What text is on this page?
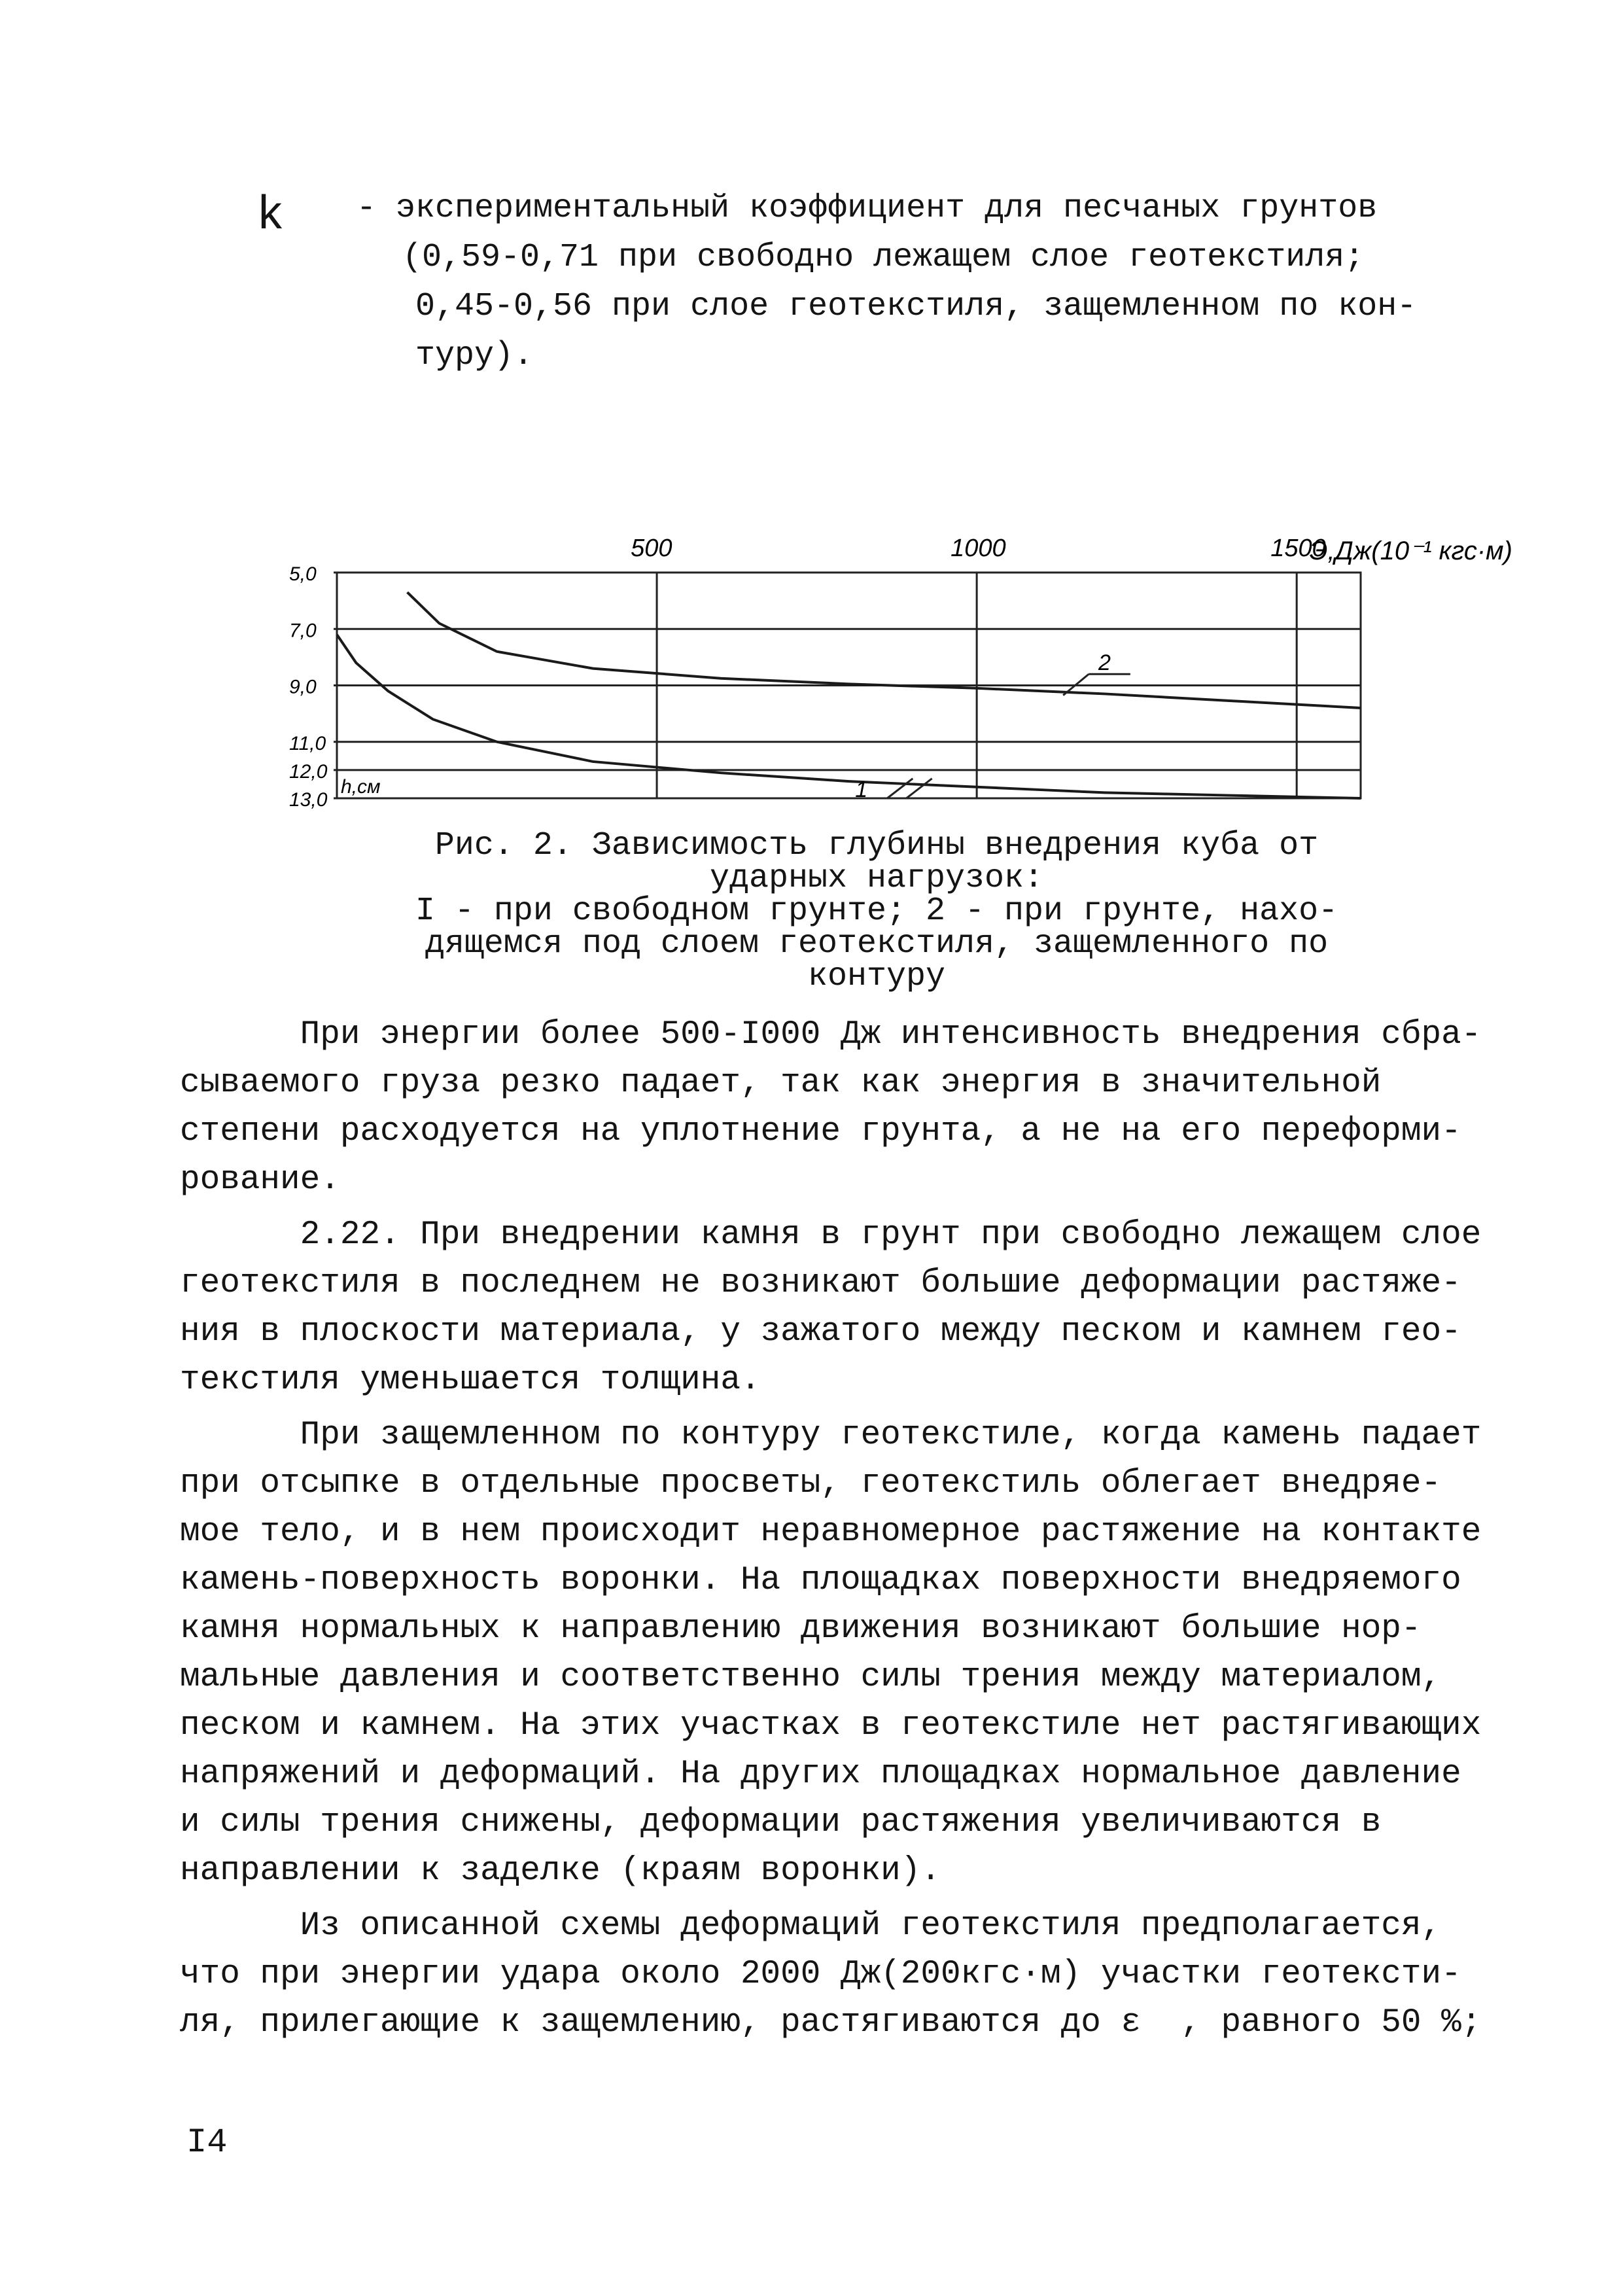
k - экспериментальный коэффициент для песчаных грунтов
(0,59-0,71 при свободно лежащем слое геотекстиля;
0,45-0,56 при слое геотекстиля, защемленном по кон-
туру).
500	1000	1500
5,0
7,0
9,0
11,0
12,0
13,0
Э,Дж(10⁻¹ кгс·м)
h,см
2
1
Рис. 2. Зависимость глубины внедрения куба от
ударных нагрузок:
I - при свободном грунте; 2 - при грунте, нахо-
дящемся под слоем геотекстиля, защемленного по
контуру
При энергии более 500-I000 Дж интенсивность внедрения сбра-
сываемого груза резко падает, так как энергия в значительной
степени расходуется на уплотнение грунта, а не на его переформи-
рование.
2.22. При внедрении камня в грунт при свободно лежащем слое
геотекстиля в последнем не возникают большие деформации растяже-
ния в плоскости материала, у зажатого между песком и камнем гео-
текстиля уменьшается толщина.
При защемленном по контуру геотекстиле, когда камень падает
при отсыпке в отдельные просветы, геотекстиль облегает внедряе-
мое тело, и в нем происходит неравномерное растяжение на контакте
камень-поверхность воронки. На площадках поверхности внедряемого
камня нормальных к направлению движения возникают большие нор-
мальные давления и соответственно силы трения между материалом,
песком и камнем. На этих участках в геотекстиле нет растягивающих
напряжений и деформаций. На других площадках нормальное давление
и силы трения снижены, деформации растяжения увеличиваются в
направлении к заделке (краям воронки).
Из описанной схемы деформаций геотекстиля предполагается,
что при энергии удара около 2000 Дж(200кгс·м) участки геотексти-
ля, прилегающие к защемлению, растягиваются до ε  , равного 50 %;
I4
